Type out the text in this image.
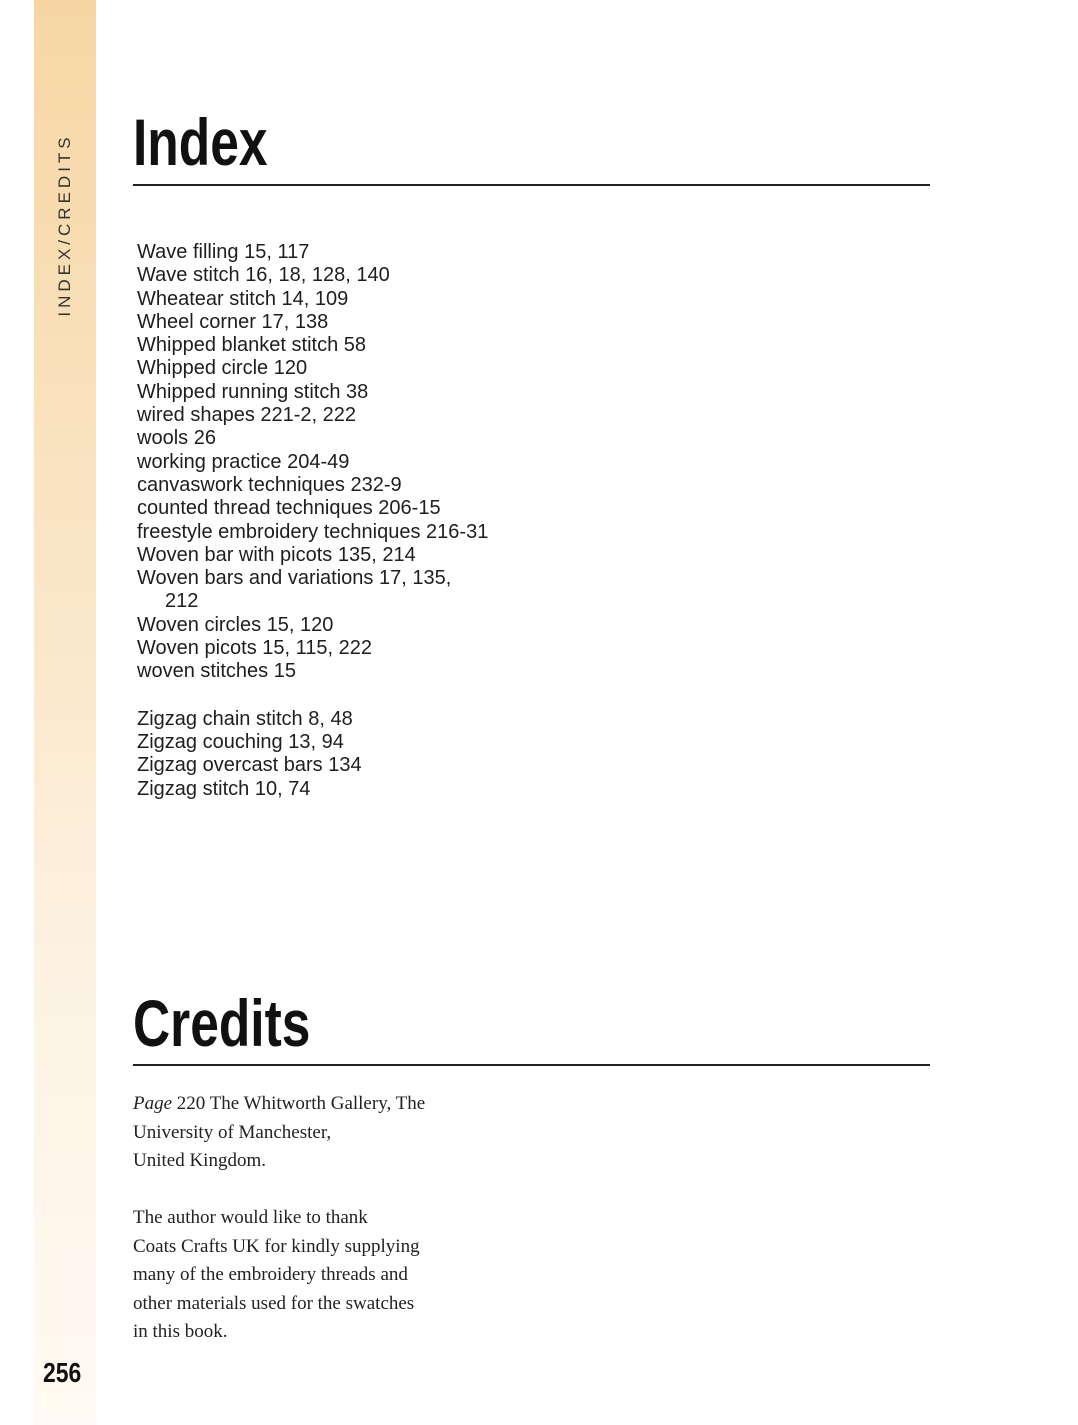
INDEX/CREDITS
256
Index
Wave filling 15, 117
Wave stitch 16, 18, 128, 140
Wheatear stitch 14, 109
Wheel corner 17, 138
Whipped blanket stitch 58
Whipped circle 120
Whipped running stitch 38
wired shapes 221-2, 222
wools 26
working practice 204-49
canvaswork techniques 232-9
counted thread techniques 206-15
freestyle embroidery techniques 216-31
Woven bar with picots 135, 214
Woven bars and variations 17, 135,
212
Woven circles 15, 120
Woven picots 15, 115, 222
woven stitches 15
Zigzag chain stitch 8, 48
Zigzag couching 13, 94
Zigzag overcast bars 134
Zigzag stitch 10, 74
Credits
Page 220 The Whitworth Gallery, The
University of Manchester,
United Kingdom.
The author would like to thank
Coats Crafts UK for kindly supplying
many of the embroidery threads and
other materials used for the swatches
in this book.
